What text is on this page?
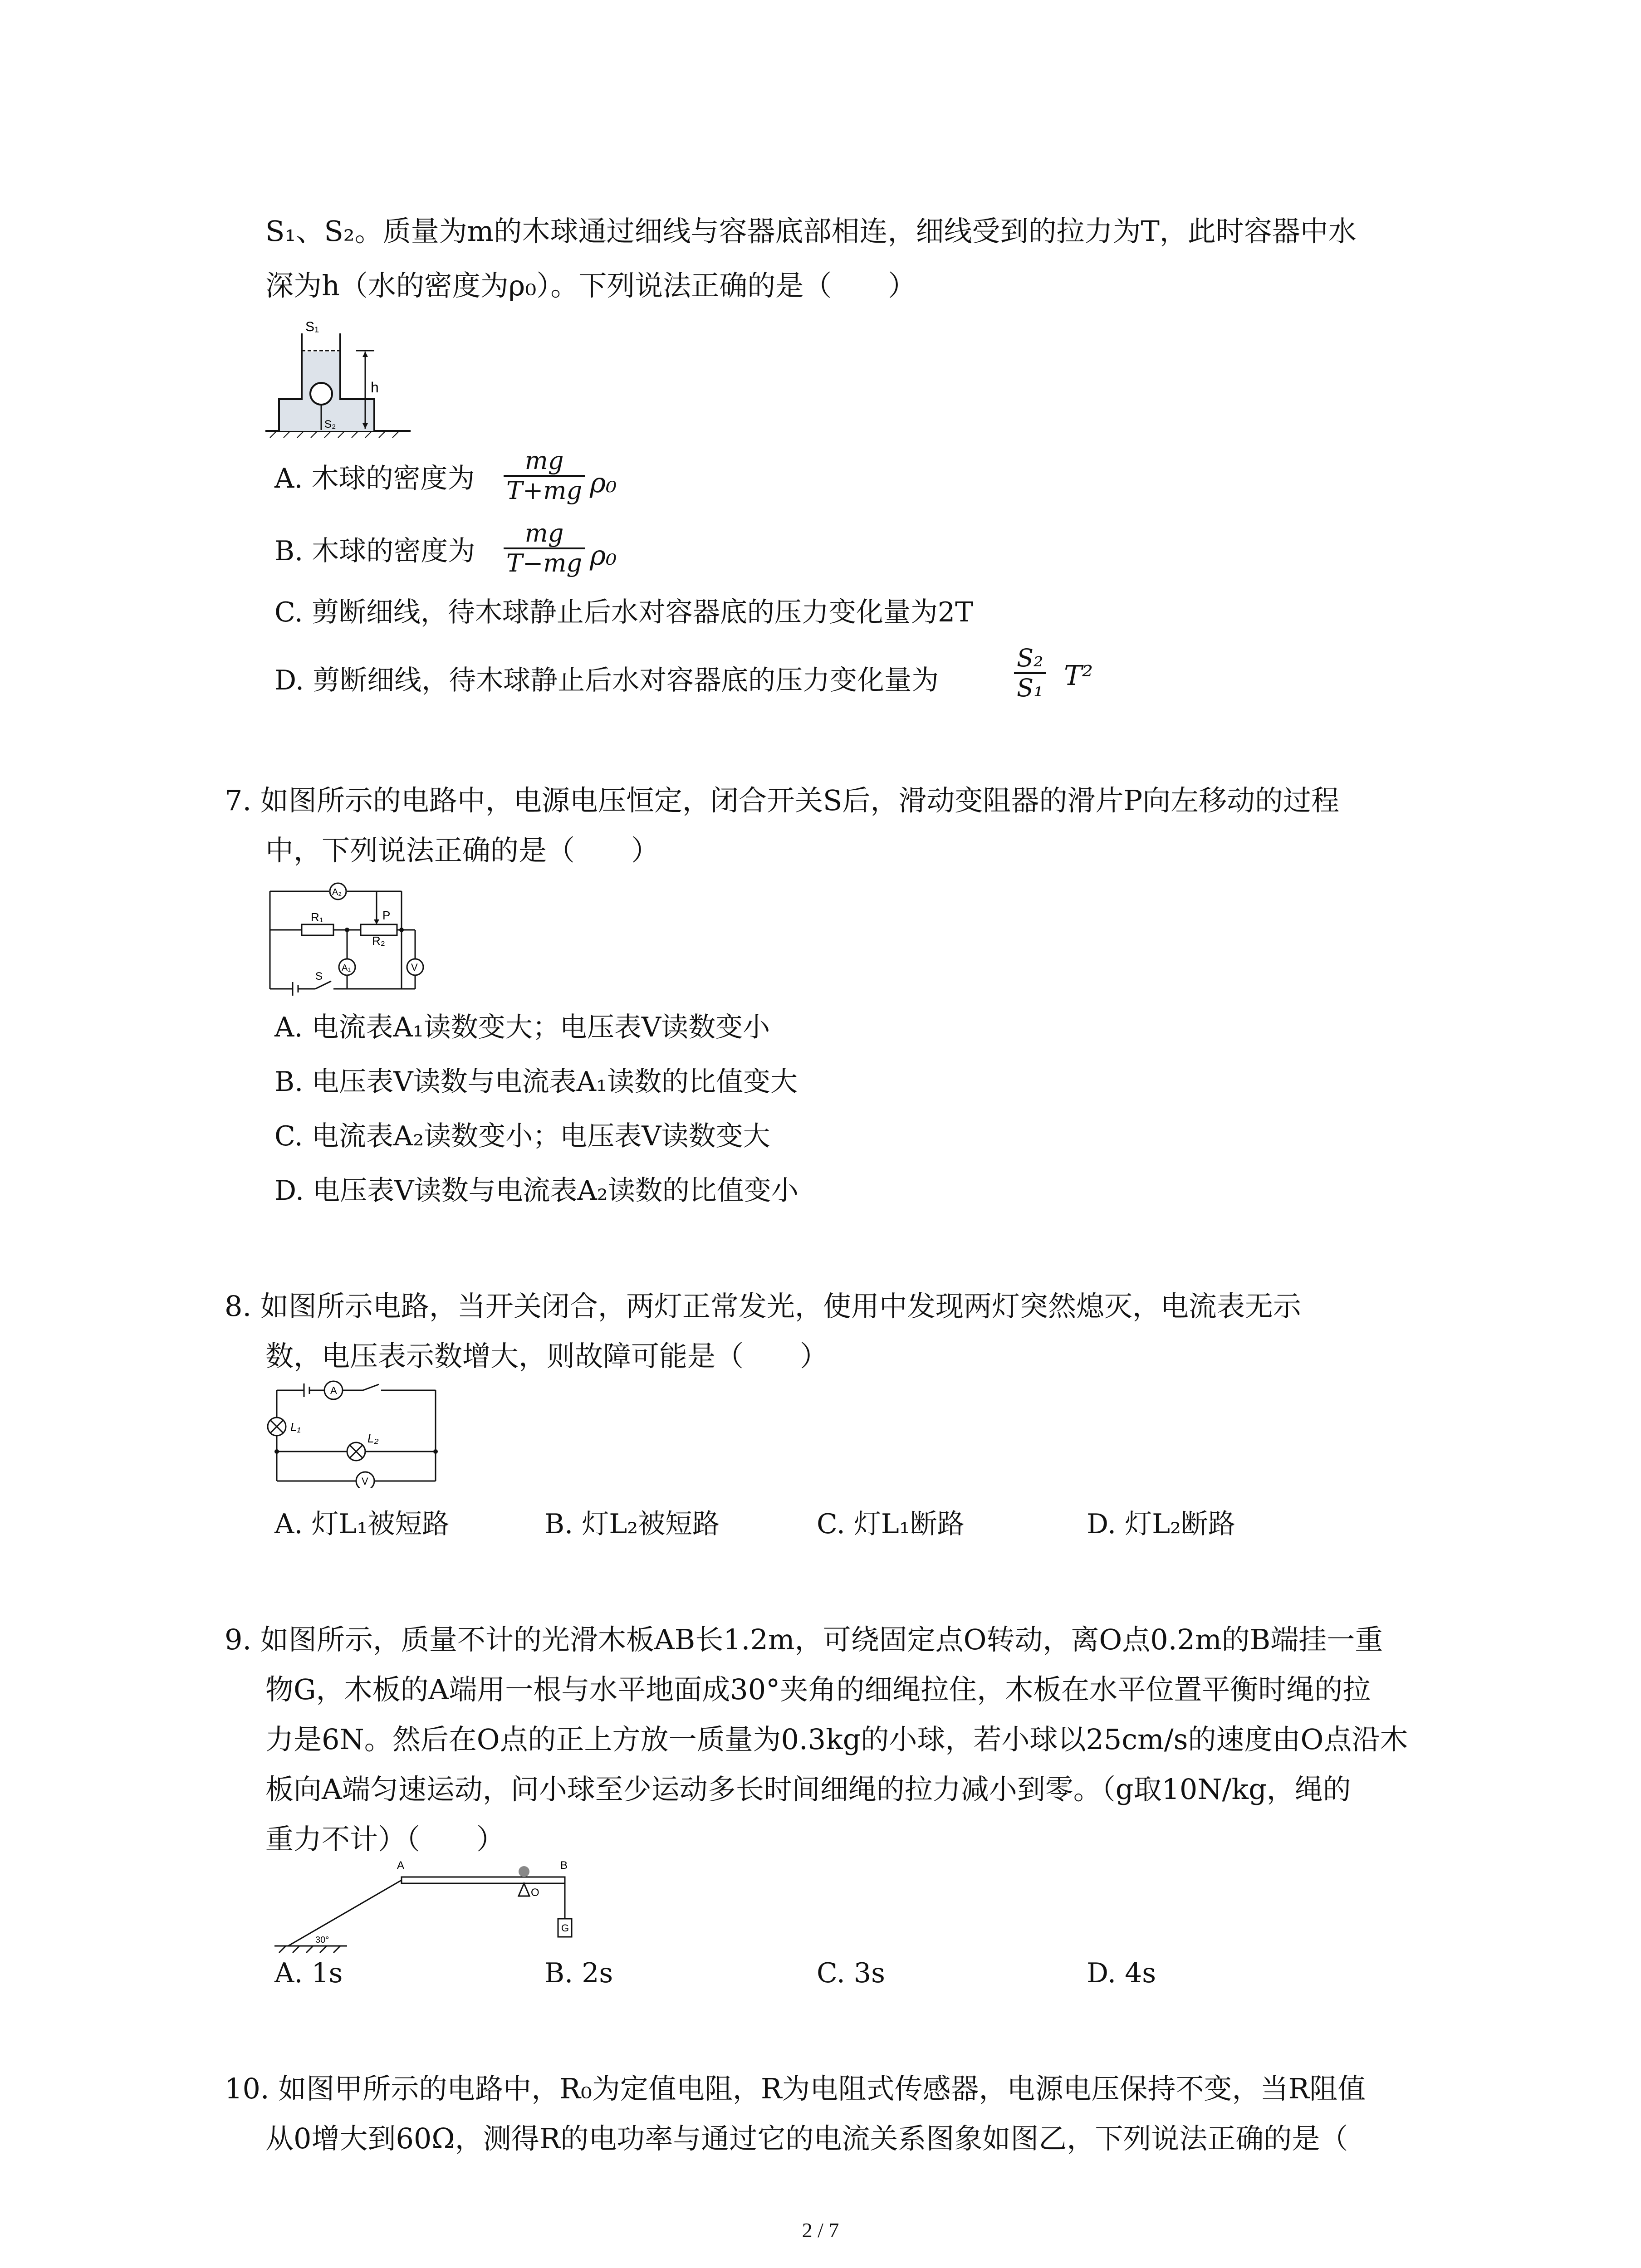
S₁、S₂。质量为m的木球通过细线与容器底部相连，细线受到的拉力为T，此时容器中水
深为h（水的密度为ρ₀）。下列说法正确的是（　　）
S₁
S₂
h
A. 木球的密度为
mg
T+mg ρ₀
B. 木球的密度为
mg
T−mg ρ₀
C. 剪断细线，待木球静止后水对容器底的压力变化量为2T
D. 剪断细线，待木球静止后水对容器底的压力变化量为
S₂
S₁ T²
7. 如图所示的电路中，电源电压恒定，闭合开关S后，滑动变阻器的滑片P向左移动的过程
中，下列说法正确的是（　　）
A₂
R₁	P
R₂
A₁	V
S
A. 电流表A₁读数变大；电压表V读数变小
B. 电压表V读数与电流表A₁读数的比值变大
C. 电流表A₂读数变小；电压表V读数变大
D. 电压表V读数与电流表A₂读数的比值变小
8. 如图所示电路，当开关闭合，两灯正常发光，使用中发现两灯突然熄灭，电流表无示
数，电压表示数增大，则故障可能是（　　）
A
L₁
L₂
V
A. 灯L₁被短路	B. 灯L₂被短路	C. 灯L₁断路	D. 灯L₂断路
9. 如图所示，质量不计的光滑木板AB长1.2m，可绕固定点O转动，离O点0.2m的B端挂一重
物G，木板的A端用一根与水平地面成30°夹角的细绳拉住，木板在水平位置平衡时绳的拉
力是6N。然后在O点的正上方放一质量为0.3kg的小球，若小球以25cm/s的速度由O点沿木
板向A端匀速运动，问小球至少运动多长时间细绳的拉力减小到零。（g取10N/kg，绳的
重力不计）（　　）
A	B
O
G
30°
A. 1s	B. 2s	C. 3s	D. 4s
10. 如图甲所示的电路中，R₀为定值电阻，R为电阻式传感器，电源电压保持不变，当R阻值
从0增大到60Ω，测得R的电功率与通过它的电流关系图象如图乙，下列说法正确的是（
2 / 7
